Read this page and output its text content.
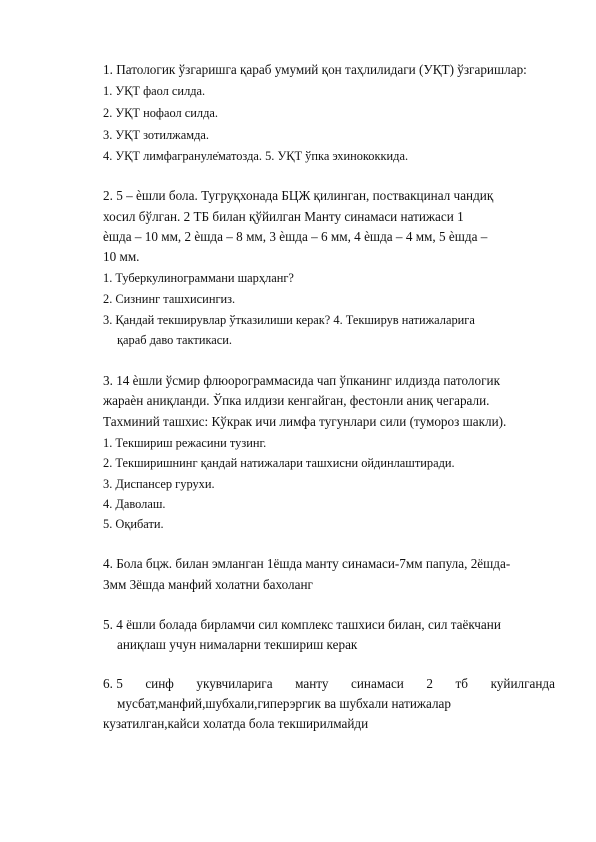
1. Патологик ўзгаришга қараб умумий қон таҳлилидаги (УҚТ) ўзгаришлар:
1. УҚТ фаол силда.
2. УҚТ нофаол силда.
3. УҚТ зотилжамда.
4. УҚТ лимфагрануле̇матозда. 5. УҚТ ўпка эхинококкида.
2. 5 – ѐшли бола. Тугруқхонада БЦЖ қилинган, поствакцинал чандиқ
хосил бўлган. 2 ТБ билан қўйилган Манту синамаси натижаси 1
ѐшда – 10 мм, 2 ѐшда – 8 мм, 3 ѐшда – 6 мм, 4 ѐшда – 4 мм, 5 ѐшда –
10 мм.
1. Туберкулинограммани шарҳланг?
2. Сизнинг ташхисингиз.
3. Қандай текширувлар ўтказилиши керак? 4. Текширув натижаларига
қараб даво тактикаси.
3. 14 ѐшли ўсмир флюорограммасида чап ўпканинг илдизда патологик
жараѐн аниқланди. Ўпка илдизи кенгайган, фестонли аниқ чегарали.
Тахминий ташхис: Кўкрак ичи лимфа тугунлари сили (тумороз шакли).
1. Текшириш режасини тузинг.
2. Текширишнинг қандай натижалари ташхисни ойдинлаштиради.
3. Диспансер гурухи.
4. Даволаш.
5. Оқибати.
4. Бола бцж. билан эмланган 1ёшда манту синамаси-7мм папула, 2ёшда-
3мм 3ёшда манфий холатни бахоланг
5. 4 ёшли болада бирламчи сил комплекс ташхиси билан, сил таёкчани
аниқлаш учун нималарни текшириш керак
6. 5 синф укувчиларига манту синамаси 2 тб куйилганда
мусбат,манфий,шубхали,гиперэргик ва шубхали натижалар
кузатилган,кайси холатда бола текширилмайди
